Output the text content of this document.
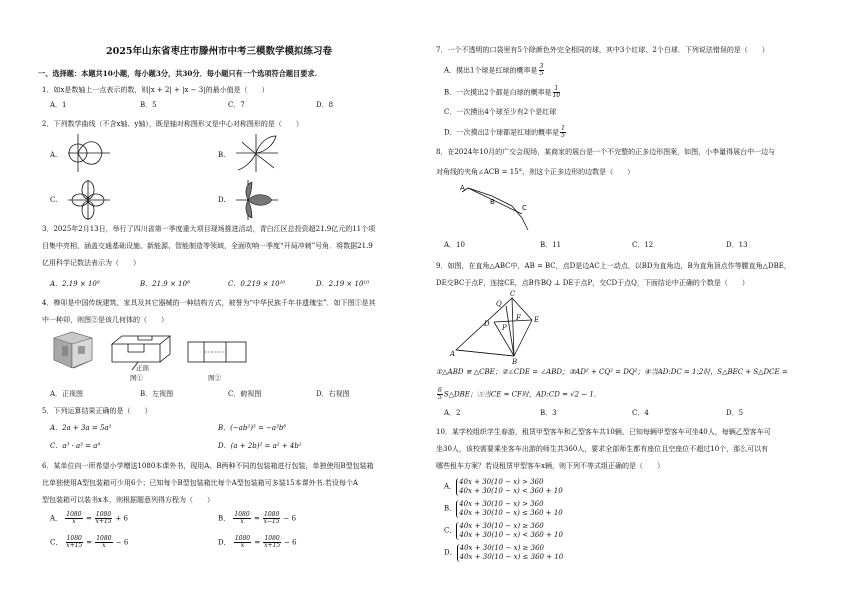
2025年山东省枣庄市滕州市中考三模数学模拟练习卷
一、选择题：本题共10小题，每小题3分，共30分．每小题只有一个选项符合题目要求.
1．如x是数轴上一点表示的数，则|x + 2| + |x − 3|的最小值是（　　）
A．1	B．5	C．7	D．8
2．下列数学曲线（不含x轴、y轴），既是轴对称图形又是中心对称图形的是（　　）
A.	B.
C.	D.
3．2025年2月13日，举行了四川省第一季度重大项目现场推进活动，青白江区总投资超21.9亿元的11个项
目集中亮相，涵盖交通基础设施、新能源、智能制造等领域，全面吹响一季度“开局冲刺”号角．将数据21.9
亿用科学记数法表示为（　　）
A．2.19 × 10⁹	B．21.9 × 10⁸	C．0.219 × 10¹⁰	D．2.19 × 10¹⁰
4．榫卯是中国传统建筑、家具及其它器械的一种结构方式，被誉为“中华民族千年非遗瑰宝”．如下图①是其
中一种卯，则图②是该几何体的（　　）
正面
图①	图②
A．正视图	B．左视图	C．俯视图	D．右视图
5．下列运算结果正确的是（　　）
A．2a + 3a = 5a²	B．(−ab²)³ = −a³b⁶
C．a³ · a³ = a⁹	D．(a + 2b)² = a² + 4b²
6．某单位向一所希望小学赠送1080本课外书，现用A、B两种不同的包装箱进行包装，单独使用B型包装箱
比单独使用A型包装箱可少用6个；已知每个B型包装箱比每个A型包装箱可多装15本课外书.若设每个A
型包装箱可以装书x本，则根据题意列得方程为（　　）
A． $\frac{1080}{x} = \frac{1080}{x+15} + 6$	B． $\frac{1080}{x} = \frac{1080}{x-15} - 6$
C． $\frac{1080}{x+15} = \frac{1080}{x} - 6$	D． $\frac{1080}{x} = \frac{1080}{x+15} - 6$
7．一个不透明的口袋里有5个除颜色外完全相同的球，其中3个红球、2个白球．下列说法错误的是（　　）
A．摸出1个球是红球的概率是 $\frac{3}{5}$
B．一次摸出2个都是白球的概率是 $\frac{1}{10}$
C．一次摸出4个球至少有2个是红球
D．一次摸出2个球都是红球的概率是 $\frac{1}{5}$
8．在2024年10月的广交会现场，某商家的展台是一个不完整的正多边形图案，如图，小李量得展台中一边与
对角线的夹角∠ACB = 15°，则这个正多边形的边数是（　　）
A
C
B
A．10	B．11	C．12	D．13
9．如图，在直角△ABC中，AB = BC，点D是边AC上一动点，以BD为直角边，B为直角顶点作等腰直角△DBE，
DE交BC于点F，连接CE，点B作BQ ⊥ DE于点P，交CD于点Q，下面结论中正确的个数是（　　）
Q
F E
D P
A
C
B
①△ABD ≌ △CBE；②∠CDE = ∠ABD；③AD² + CQ² = DQ²；④当AD:DC = 1:2时，S△BEC + S△DCE =
$\frac{6}{5}$ S△DBE；⑤当CE = CF时，AD:CD = √2 − 1.
A．2	B．3	C．4	D．5
10．某学校组织学生春游，租赁甲型客车和乙型客车共10辆，已知每辆甲型客车可坐40人，每辆乙型客车可
坐30人，该校需要乘坐客车出游的师生共360人，要求全部师生都有座位且空座位不超过10个，那么可以有
哪些租车方案？若设租赁甲型客车x辆，则下列不等式组正确的是（　　）
A．
40x + 30(10 − x) > 360
40x + 30(10 − x) < 360 + 10
B．
40x + 30(10 − x) > 360
40x + 30(10 − x) ≤ 360 + 10
C．
40x + 30(10 − x) ≥ 360
40x + 30(10 − x) < 360 + 10
D．
40x + 30(10 − x) ≥ 360
40x + 30(10 − x) ≤ 360 + 10
